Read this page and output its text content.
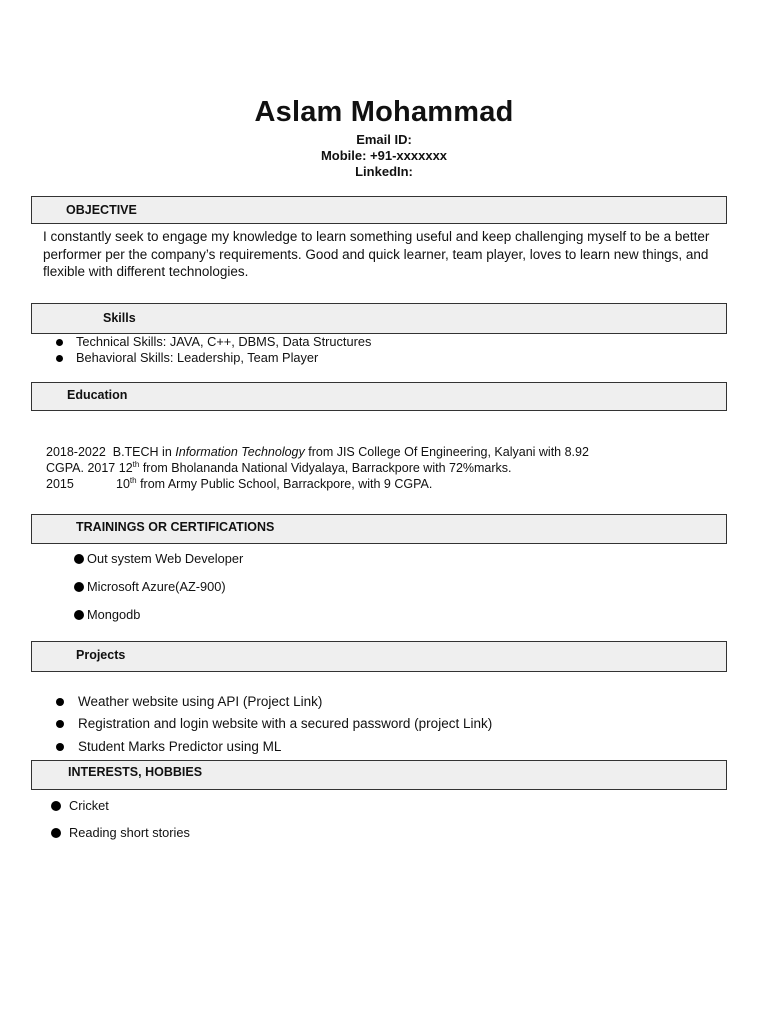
Aslam Mohammad
Email ID:
Mobile: +91-xxxxxxx
LinkedIn:
OBJECTIVE
I constantly seek to engage my knowledge to learn something useful and keep challenging myself to be a better performer per the company’s requirements. Good and quick learner, team player, loves to learn new things, and flexible with different technologies.
Skills
Technical Skills: JAVA, C++, DBMS, Data Structures
Behavioral Skills: Leadership, Team Player
Education
2018-2022 B.TECH in Information Technology from JIS College Of Engineering, Kalyani with 8.92
CGPA. 2017 12th from Bholananda National Vidyalaya, Barrackpore with 72%marks.
2015	10th from Army Public School, Barrackpore, with 9 CGPA.
TRAININGS OR CERTIFICATIONS
Out system Web Developer
Microsoft Azure(AZ-900)
Mongodb
Projects
Weather website using API (Project Link)
Registration and login website with a secured password (project Link)
Student Marks Predictor using ML
INTERESTS, HOBBIES
Cricket
Reading short stories
